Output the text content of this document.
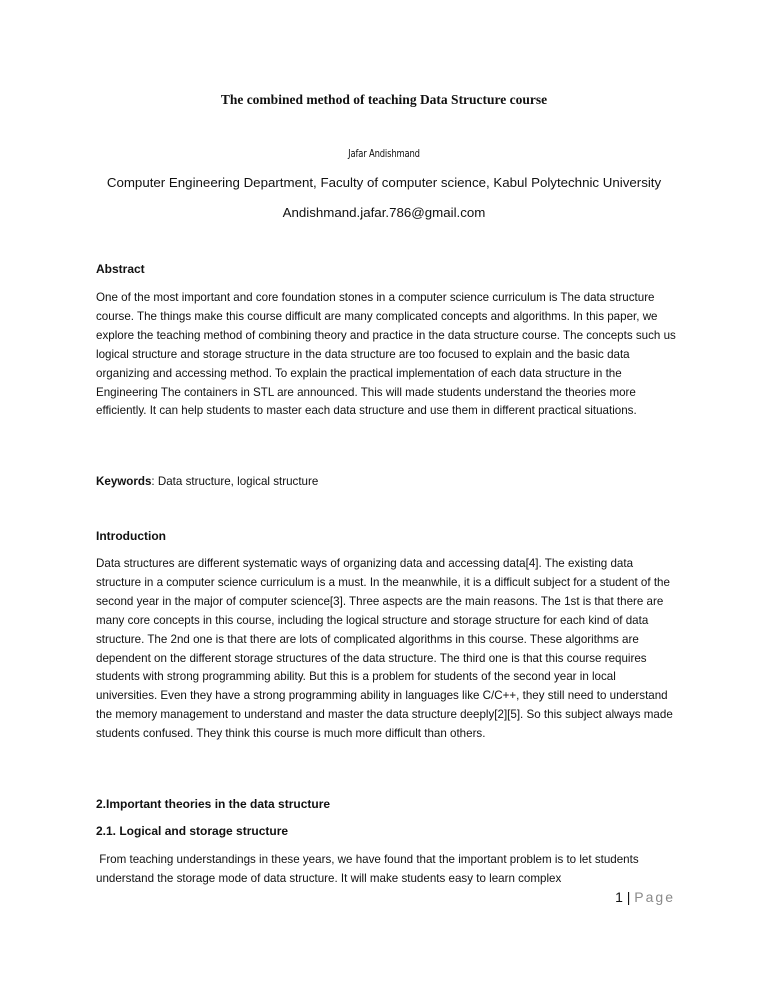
The combined method of teaching Data Structure course
Jafar Andishmand
Computer Engineering Department, Faculty of computer science, Kabul Polytechnic University
Andishmand.jafar.786@gmail.com
Abstract
One of the most important and core foundation stones in a computer science curriculum is The data structure course. The things make this course difficult are many complicated concepts and algorithms. In this paper, we explore the teaching method of combining theory and practice in the data structure course. The concepts such us logical structure and storage structure in the data structure are too focused to explain and the basic data organizing and accessing method. To explain the practical implementation of each data structure in the Engineering The containers in STL are announced. This will made students understand the theories more efficiently. It can help students to master each data structure and use them in different practical situations.
Keywords: Data structure, logical structure
Introduction
Data structures are different systematic ways of organizing data and accessing data[4]. The existing data structure in a computer science curriculum is a must. In the meanwhile, it is a difficult subject for a student of the second year in the major of computer science[3]. Three aspects are the main reasons. The 1st is that there are many core concepts in this course, including the logical structure and storage structure for each kind of data structure. The 2nd one is that there are lots of complicated algorithms in this course. These algorithms are dependent on the different storage structures of the data structure. The third one is that this course requires students with strong programming ability. But this is a problem for students of the second year in local universities. Even they have a strong programming ability in languages like C/C++, they still need to understand the memory management to understand and master the data structure deeply[2][5]. So this subject always made students confused. They think this course is much more difficult than others.
2.Important theories in the data structure
2.1. Logical and storage structure
From teaching understandings in these years, we have found that the important problem is to let students understand the storage mode of data structure. It will make students easy to learn complex
1 | Page
